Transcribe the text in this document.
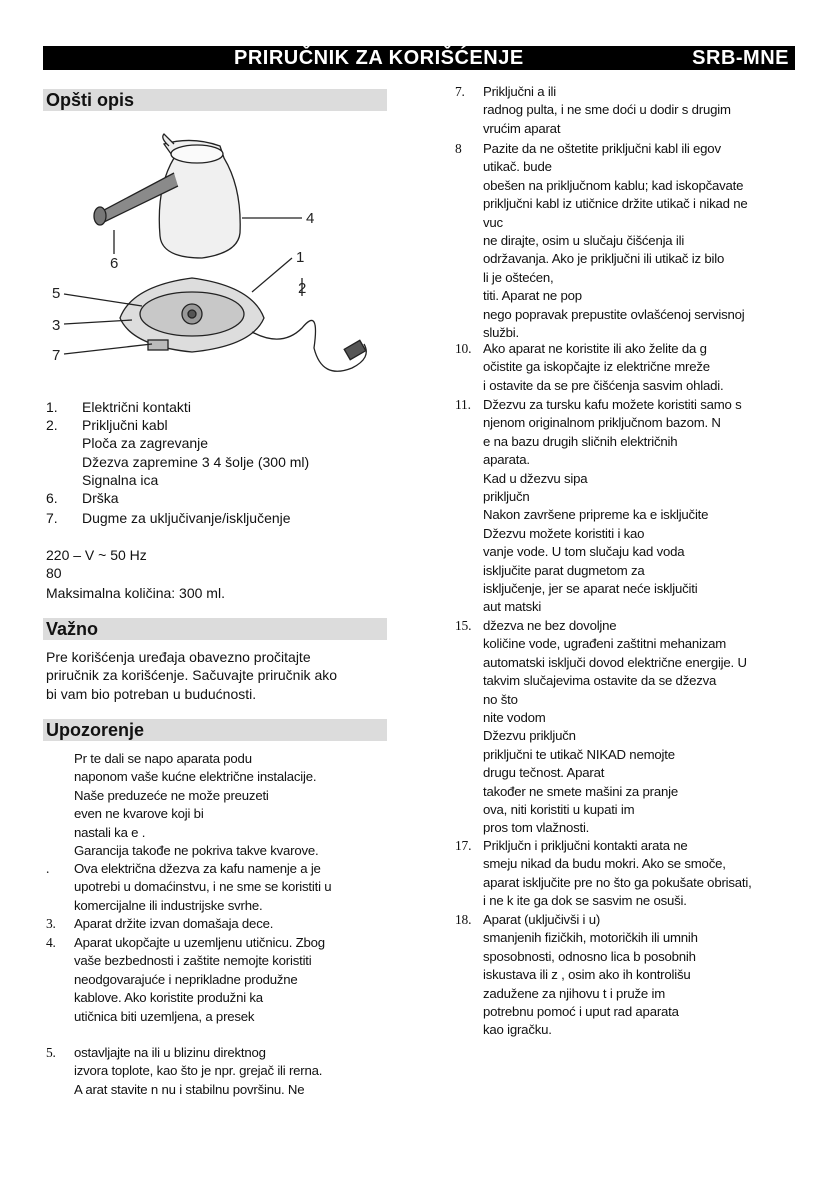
PRIRUČNIK ZA KORIŠĆENJE	SRB-MNE
Opšti opis
4
6	1
2
5
3
7
1.	Električni kontakti
2.	Priključni kabl
Ploča za zagrevanje
Džezva zapremine 3 4 šolje (300 ml)
Signalna ica
6.	Drška
7.	Dugme za uključivanje/isključenje
220 – V ~ 50 Hz
80
Maksimalna količina: 300 ml.
Važno
Pre korišćenja uređaja obavezno pročitajte
priručnik za korišćenje. Sačuvajte priručnik ako
bi vam bio potreban u budućnosti.
Upozorenje
Pr te dali se napo aparata podu
naponom vaše kućne električne instalacije.
Naše preduzeće ne može preuzeti
even ne kvarove koji bi
nastali ka e .
Garancija takođe ne pokriva takve kvarove.
. Ova električna džezva za kafu namenje a je
upotrebi u domaćinstvu, i ne sme se koristiti u
komercijalne ili industrijske svrhe.
3. Aparat držite izvan domašaja dece.
4. Aparat ukopčajte u uzemljenu utičnicu. Zbog
vaše bezbednosti i zaštite nemojte koristiti
neodgovarajuće i neprikladne produžne
kablove. Ako koristite produžni ka
utičnica biti uzemljena, a presek
5. ostavljajte na ili u blizinu direktnog
izvora toplote, kao što je npr. grejač ili rerna.
A arat stavite n nu i stabilnu površinu. Ne
7. Priključni a ili
radnog pulta, i ne sme doći u dodir s drugim
vrućim aparat
8 Pazite da ne oštetite priključni kabl ili egov
utikač. bude
obešen na priključnom kablu; kad iskopčavate
priključni kabl iz utičnice držite utikač i nikad ne
vuc
ne dirajte, osim u slučaju čišćenja ili
održavanja. Ako je priključni ili utikač iz bilo
li je oštećen,
titi. Aparat ne pop
nego popravak prepustite ovlašćenoj servisnoj
službi.
10. Ako aparat ne koristite ili ako želite da g
očistite ga iskopčajte iz električne mreže
i ostavite da se pre čišćenja sasvim ohladi.
11. Džezvu za tursku kafu možete koristiti samo s
njenom originalnom priključnom bazom. N
e na bazu drugih sličnih električnih
aparata.
Kad u džezvu sipa
priključn
Nakon završene pripreme ka e isključite
Džezvu možete koristiti i kao
vanje vode. U tom slučaju kad voda
isključite parat dugmetom za
isključenje, jer se aparat neće isključiti
aut matski
15. džezva ne bez dovoljne
količine vode, ugrađeni zaštitni mehanizam
automatski isključi dovod električne energije. U
takvim slučajevima ostavite da se džezva
no što
nite vodom
Džezvu priključn
priključni te utikač NIKAD nemojte
drugu tečnost. Aparat
također ne smete mašini za pranje
ova, niti koristiti u kupati im
pros tom vlažnosti.
17. Priključn i priključni kontakti arata ne
smeju nikad da budu mokri. Ako se smoče,
aparat isključite pre no što ga pokušate obrisati,
i ne k ite ga dok se sasvim ne osuši.
18. Aparat (uključivši i u)
smanjenih fizičkih, motoričkih ili umnih
sposobnosti, odnosno lica b posobnih
iskustava ili z , osim ako ih kontrolišu
zadužene za njihovu t i pruže im
potrebnu pomoć i uput rad aparata
kao igračku.
